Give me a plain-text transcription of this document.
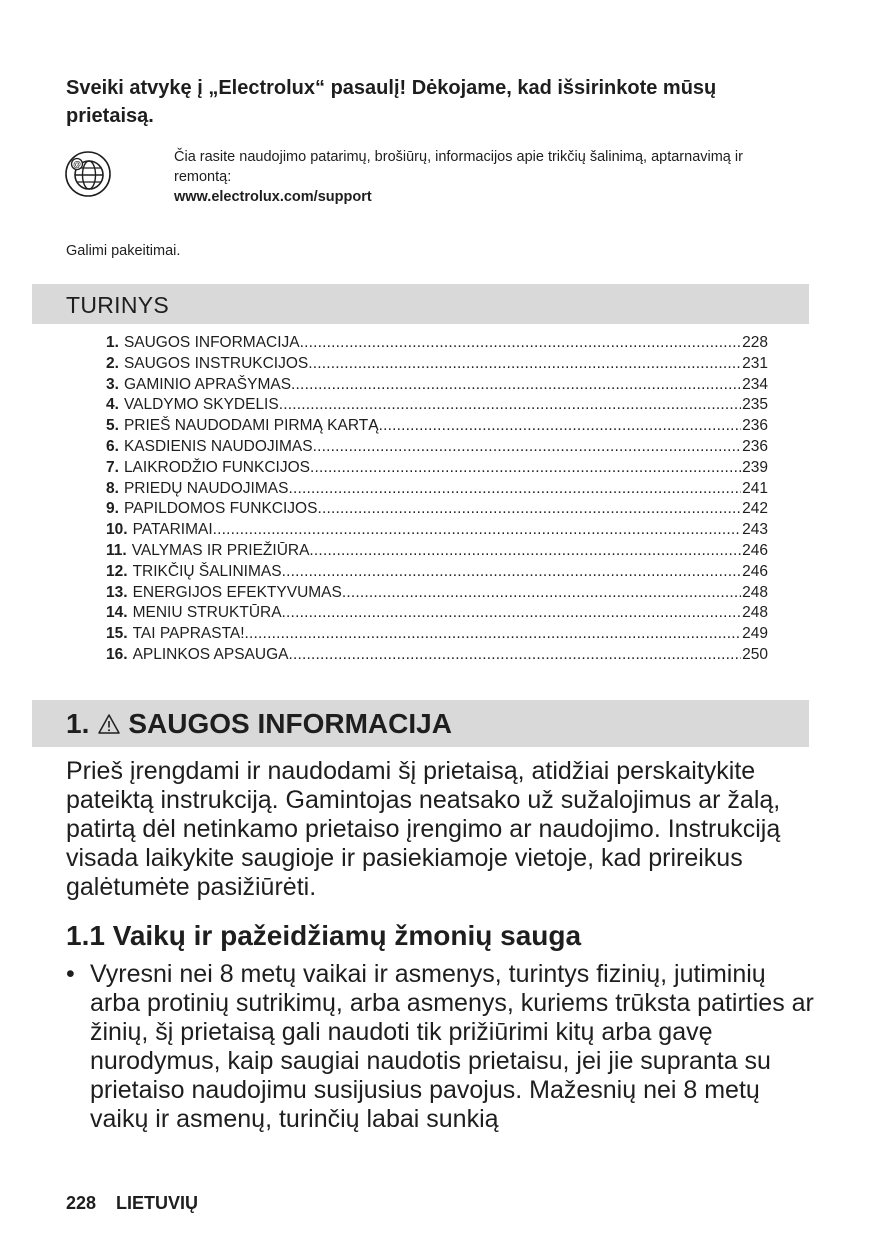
Sveiki atvykę į „Electrolux“ pasaulį! Dėkojame, kad išsirinkote mūsų prietaisą.
@	Čia rasite naudojimo patarimų, brošiūrų, informacijos apie trikčių šalinimą, aptarnavimą ir remontą:
www.electrolux.com/support
Galimi pakeitimai.
TURINYS
1. SAUGOS INFORMACIJA .....	228
2. SAUGOS INSTRUKCIJOS .....	231
3. GAMINIO APRAŠYMAS .....	234
4. VALDYMO SKYDELIS .....	235
5. PRIEŠ NAUDODAMI PIRMĄ KARTĄ .....	236
6. KASDIENIS NAUDOJIMAS .....	236
7. LAIKRODŽIO FUNKCIJOS .....	239
8. PRIEDŲ NAUDOJIMAS .....	241
9. PAPILDOMOS FUNKCIJOS .....	242
10. PATARIMAI .....	243
11. VALYMAS IR PRIEŽIŪRA .....	246
12. TRIKČIŲ ŠALINIMAS .....	246
13. ENERGIJOS EFEKTYVUMAS .....	248
14. MENIU STRUKTŪRA .....	248
15. TAI PAPRASTA! .....	249
16. APLINKOS APSAUGA .....	250
1. SAUGOS INFORMACIJA

Prieš įrengdami ir naudodami šį prietaisą, atidžiai perskaitykite pateiktą instrukciją. Gamintojas neatsako už sužalojimus ar žalą, patirtą dėl netinkamo prietaiso įrengimo ar naudojimo. Instrukciją visada laikykite saugioje ir pasiekiamoje vietoje, kad prireikus galėtumėte pasižiūrėti.

1.1 Vaikų ir pažeidžiamų žmonių sauga
• Vyresni nei 8 metų vaikai ir asmenys, turintys fizinių, jutiminių arba protinių sutrikimų, arba asmenys, kuriems trūksta patirties ar žinių, šį prietaisą gali naudoti tik prižiūrimi kitų arba gavę nurodymus, kaip saugiai naudotis prietaisu, jei jie supranta su prietaiso naudojimu susijusius pavojus. Mažesnių nei 8 metų vaikų ir asmenų, turinčių labai sunkią
228 LIETUVIŲ
